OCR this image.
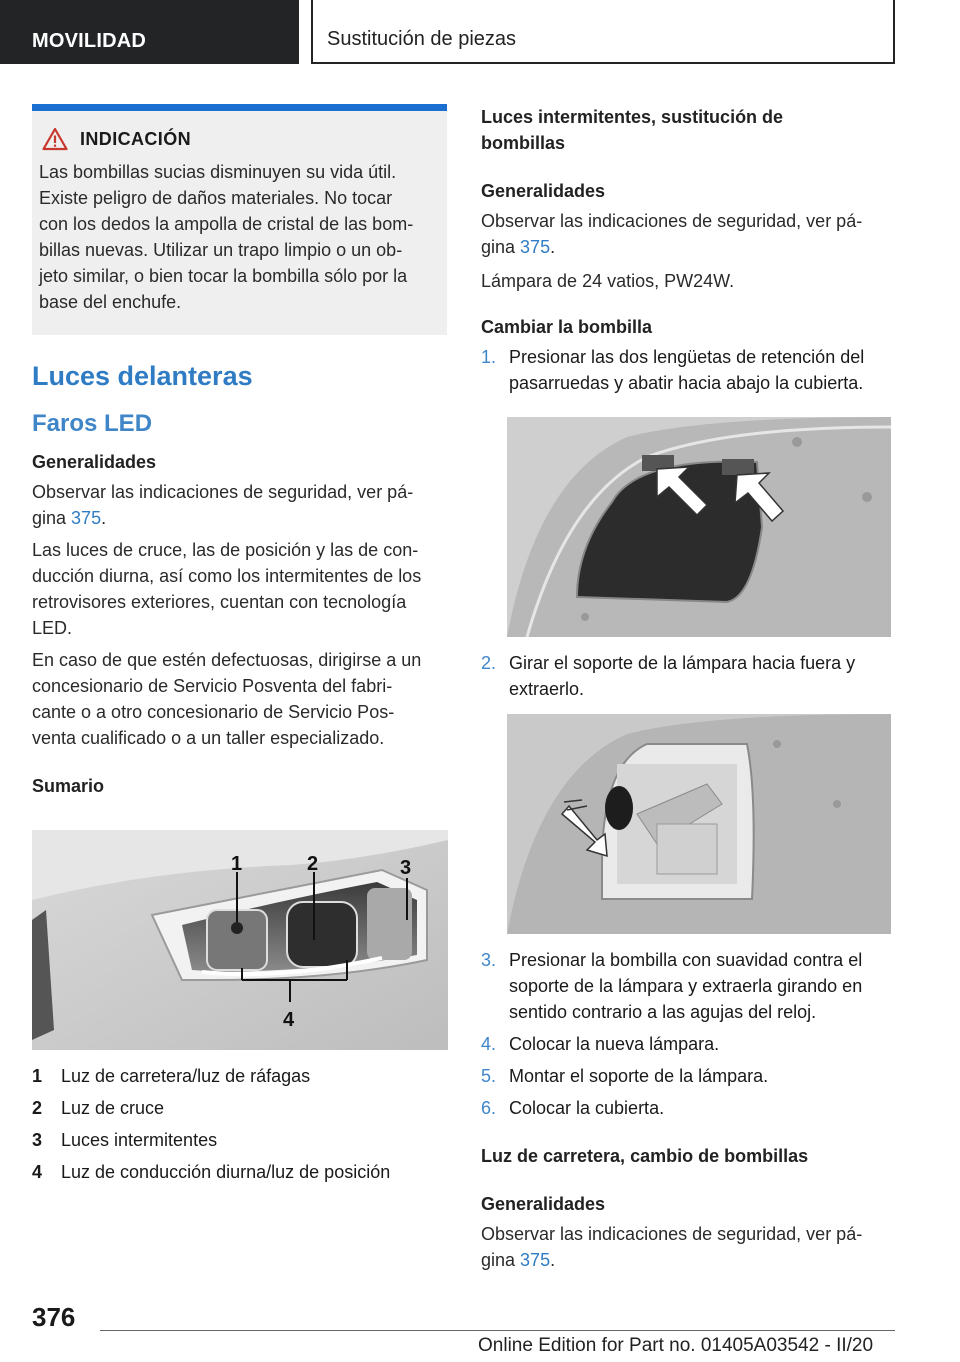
MOVILIDAD	Sustitución de piezas
INDICACIÓN

Las bombillas sucias disminuyen su vida útil.
Existe peligro de daños materiales. No tocar
con los dedos la ampolla de cristal de las bom-
billas nuevas. Utilizar un trapo limpio o un ob-
jeto similar, o bien tocar la bombilla sólo por la
base del enchufe.

Luces delanteras
Faros LED
Generalidades

Observar las indicaciones de seguridad, ver pá-
gina 375.

Las luces de cruce, las de posición y las de con-
ducción diurna, así como los intermitentes de los
retrovisores exteriores, cuentan con tecnología
LED.

En caso de que estén defectuosas, dirigirse a un
concesionario de Servicio Posventa del fabri-
cante o a otro concesionario de Servicio Pos-
venta cualificado o a un taller especializado.

Sumario
1	2	3
4
1	Luz de carretera/luz de ráfagas
2	Luz de cruce
3	Luces intermitentes
4	Luz de conducción diurna/luz de posición
Luces intermitentes, sustitución de
bombillas
Generalidades

Observar las indicaciones de seguridad, ver pá-
gina 375.

Lámpara de 24 vatios, PW24W.

Cambiar la bombilla
1. Presionar las dos lengüetas de retención del
pasarruedas y abatir hacia abajo la cubierta.
2. Girar el soporte de la lámpara hacia fuera y
extraerlo.
3. Presionar la bombilla con suavidad contra el
soporte de la lámpara y extraerla girando en
sentido contrario a las agujas del reloj.
4. Colocar la nueva lámpara.
5. Montar el soporte de la lámpara.
6. Colocar la cubierta.
Luz de carretera, cambio de bombillas
Generalidades

Observar las indicaciones de seguridad, ver pá-
gina 375.

376
Online Edition for Part no. 01405A03542 - II/20
